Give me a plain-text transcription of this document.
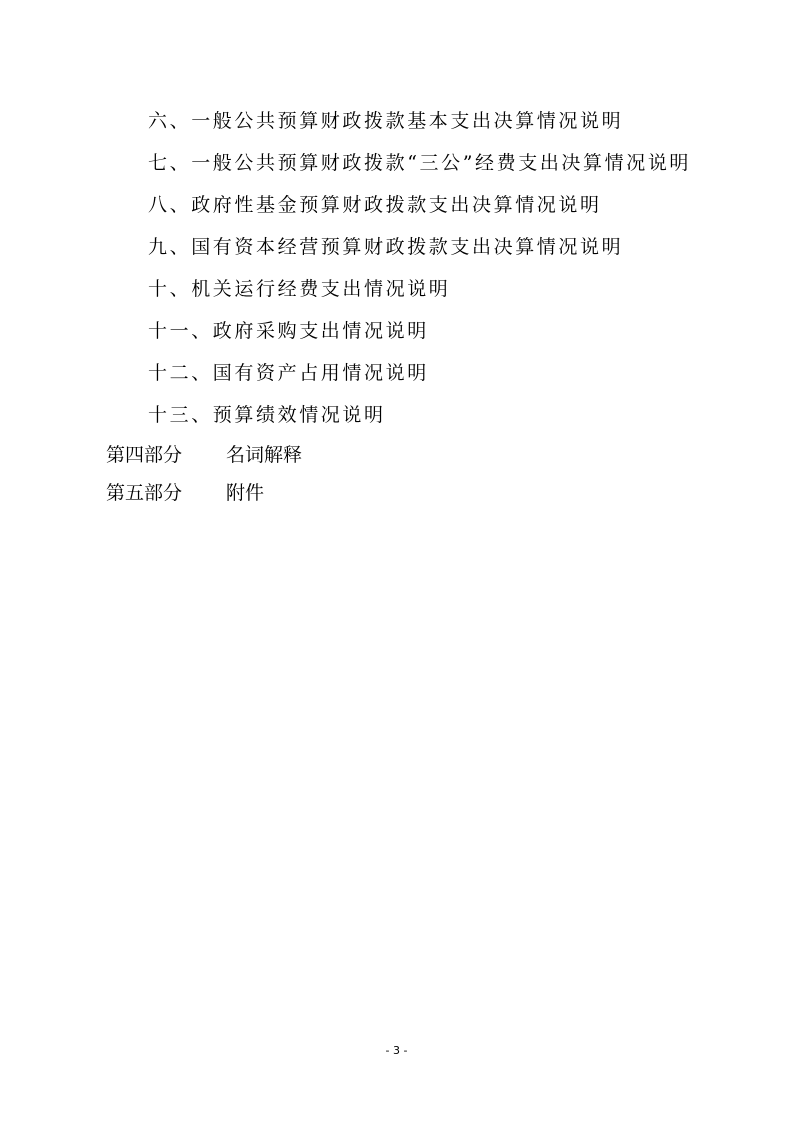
六、一般公共预算财政拨款基本支出决算情况说明
七、一般公共预算财政拨款“三公”经费支出决算情况说明
八、政府性基金预算财政拨款支出决算情况说明
九、国有资本经营预算财政拨款支出决算情况说明
十、机关运行经费支出情况说明
十一、政府采购支出情况说明
十二、国有资产占用情况说明
十三、预算绩效情况说明
第四部分	名词解释
第五部分	附件
- 3 -
